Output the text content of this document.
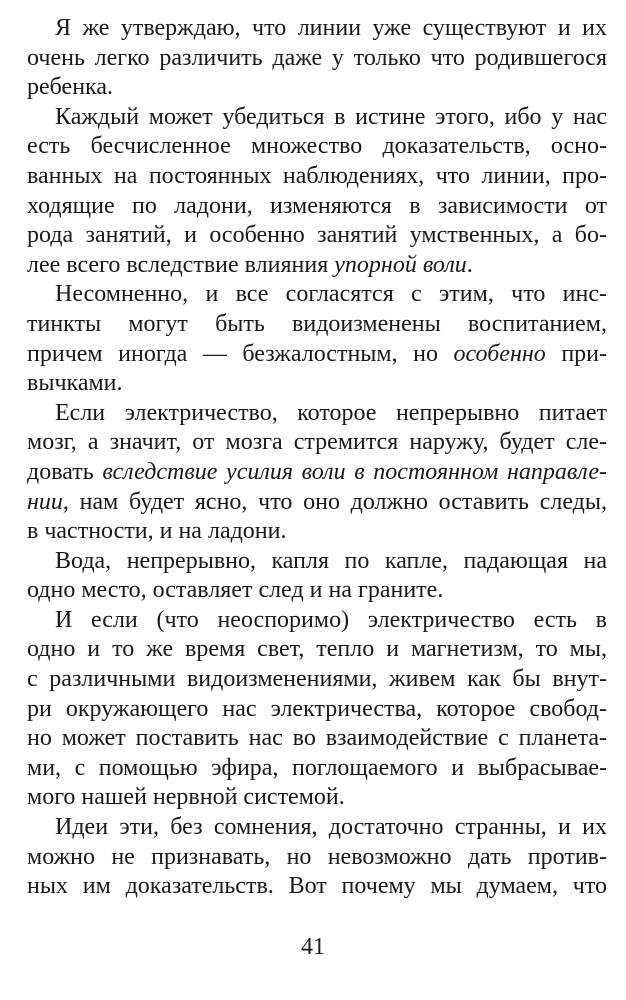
Я же утверждаю, что линии уже существуют и их
очень легко различить даже у только что родившегося
ребенка.
Каждый может убедиться в истине этого, ибо у нас
есть бесчисленное множество доказательств, осно-
ванных на постоянных наблюдениях, что линии, про-
ходящие по ладони, изменяются в зависимости от
рода занятий, и особенно занятий умственных, а бо-
лее всего вследствие влияния упорной воли.
Несомненно, и все согласятся с этим, что инс-
тинкты могут быть видоизменены воспитанием,
причем иногда — безжалостным, но особенно при-
вычками.
Если электричество, которое непрерывно питает
мозг, а значит, от мозга стремится наружу, будет сле-
довать вследствие усилия воли в постоянном направле-
нии, нам будет ясно, что оно должно оставить следы,
в частности, и на ладони.
Вода, непрерывно, капля по капле, падающая на
одно место, оставляет след и на граните.
И если (что неоспоримо) электричество есть в
одно и то же время свет, тепло и магнетизм, то мы,
с различными видоизменениями, живем как бы внут-
ри окружающего нас электричества, которое свобод-
но может поставить нас во взаимодействие с планета-
ми, с помощью эфира, поглощаемого и выбрасывае-
мого нашей нервной системой.
Идеи эти, без сомнения, достаточно странны, и их
можно не признавать, но невозможно дать против-
ных им доказательств. Вот почему мы думаем, что
41
